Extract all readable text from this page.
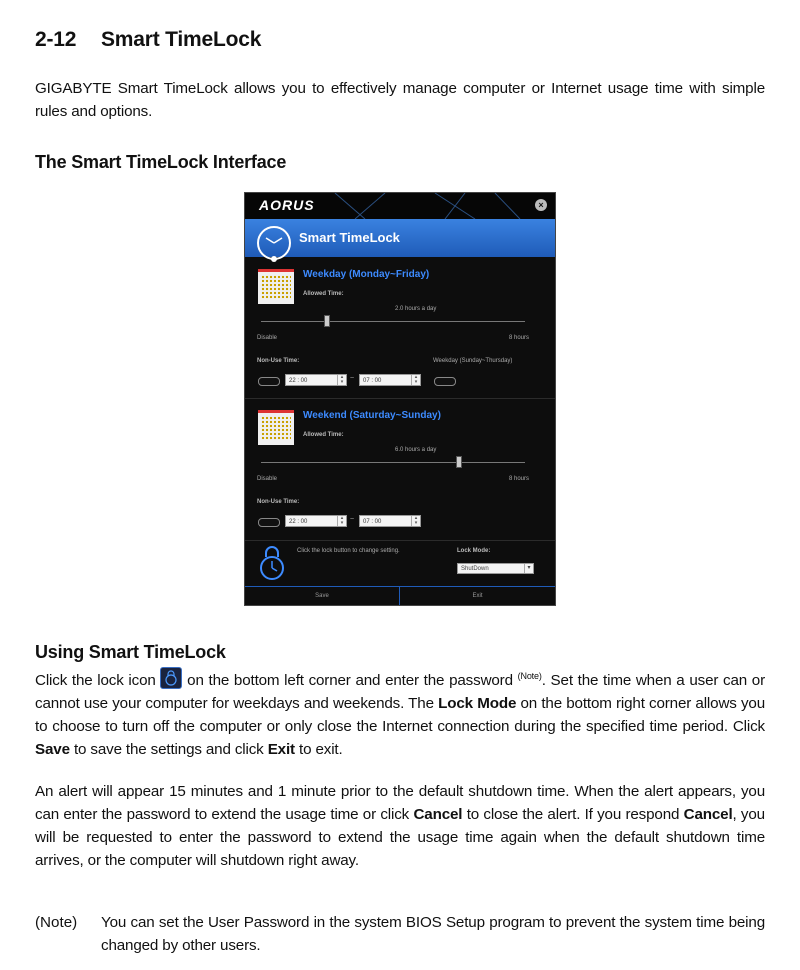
2-12 Smart TimeLock

GIGABYTE Smart TimeLock allows you to effectively manage computer or Internet usage time with simple rules and options.

The Smart TimeLock Interface
AORUS	×
Smart TimeLock
Weekday (Monday~Friday)
Allowed Time:
2.0 hours a day
Disable	8 hours
Non-Use Time:	Weekday (Sunday~Thursday)
22 : 00
▴
▾ ~	07 : 00
▴
▾
Weekend (Saturday~Sunday)
Allowed Time:
6.0 hours a day
Disable	8 hours
Non-Use Time:
22 : 00
▴
▾ ~	07 : 00
▴
▾
Click the lock button to change setting.	Lock Mode:
ShutDown	▾
Save	Exit
Using Smart TimeLock

Click the lock icon
on the bottom left corner and enter the password $^{(Note)}$. Set the time when a user can or cannot use your computer for weekdays and weekends. The Lock Mode on the bottom right corner allows you to choose to turn off the computer or only close the Internet connection during the specified time period. Click Save to save the settings and click Exit to exit.

An alert will appear 15 minutes and 1 minute prior to the default shutdown time. When the alert appears, you can enter the password to extend the usage time or click Cancel to close the alert. If you respond Cancel, you will be requested to enter the password to extend the usage time again when the default shutdown time arrives, or the computer will shutdown right away.

(Note) You can set the User Password in the system BIOS Setup program to prevent the system time being changed by other users.
